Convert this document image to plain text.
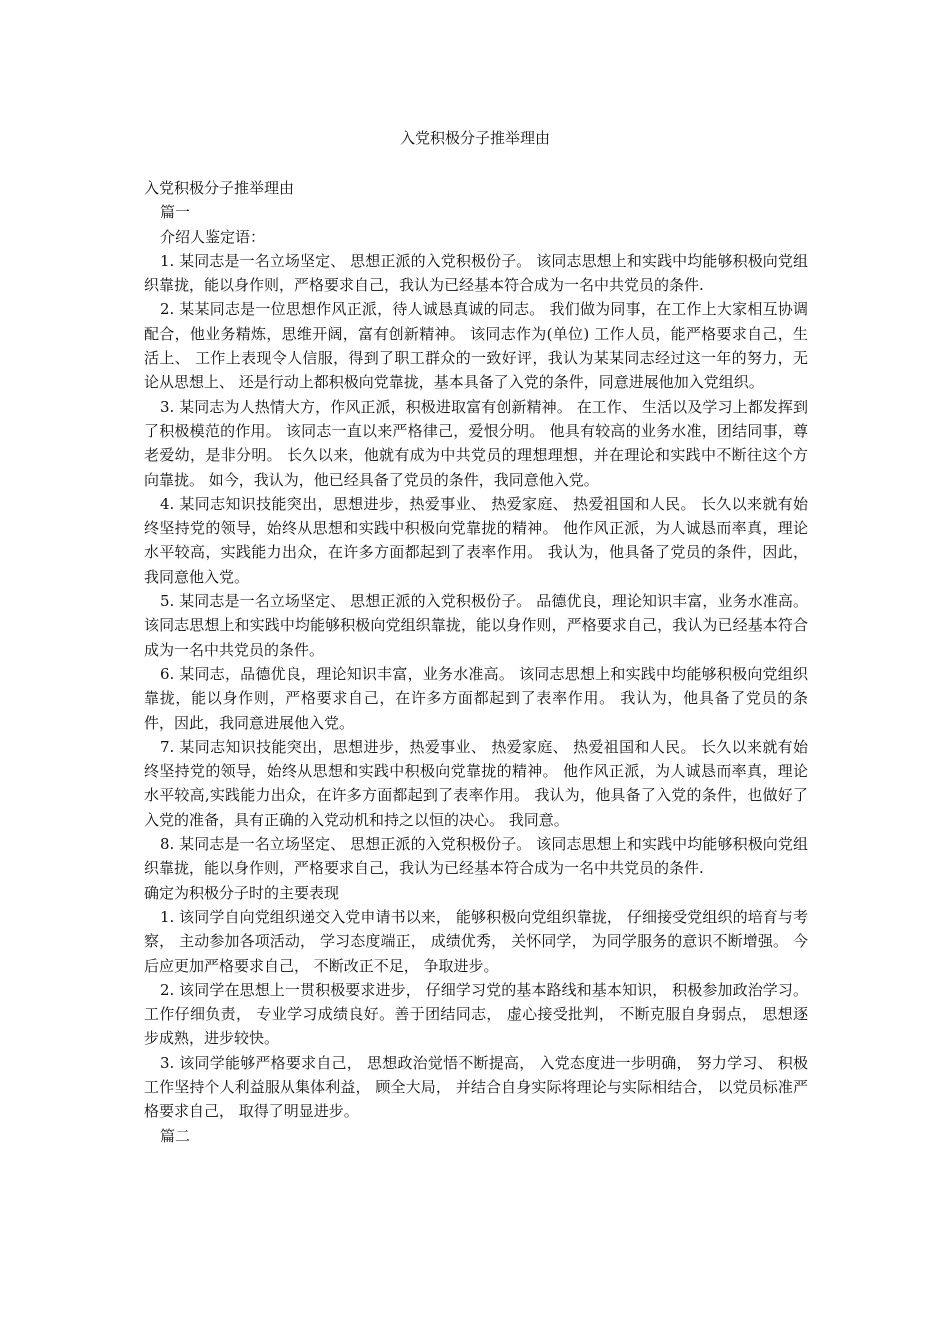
入党积极分子推举理由

入党积极分子推举理由

篇一

介绍人鉴定语：

1. 某同志是一名立场坚定、 思想正派的入党积极份子。 该同志思想上和实践中均能够积极向党组织靠拢，能以身作则，严格要求自己，我认为已经基本符合成为一名中共党员的条件.

2. 某某同志是一位思想作风正派，待人诚恳真诚的同志。 我们做为同事，在工作上大家相互协调配合，他业务精炼，思维开阔，富有创新精神。 该同志作为(单位) 工作人员，能严格要求自己，生活上、 工作上表现令人信服，得到了职工群众的一致好评，我认为某某同志经过这一年的努力，无论从思想上、 还是行动上都积极向党靠拢，基本具备了入党的条件，同意进展他加入党组织。

3. 某同志为人热情大方，作风正派，积极进取富有创新精神。 在工作、 生活以及学习上都发挥到了积极模范的作用。 该同志一直以来严格律己，爱恨分明。 他具有较高的业务水准，团结同事，尊老爱幼，是非分明。 长久以来，他就有成为中共党员的理想理想，并在理论和实践中不断往这个方向靠拢。 如今，我认为，他已经具备了党员的条件，我同意他入党。

4. 某同志知识技能突出，思想进步，热爱事业、 热爱家庭、 热爱祖国和人民。 长久以来就有始终坚持党的领导，始终从思想和实践中积极向党靠拢的精神。 他作风正派，为人诚恳而率真，理论水平较高，实践能力出众，在许多方面都起到了表率作用。 我认为，他具备了党员的条件，因此，我同意他入党。

5. 某同志是一名立场坚定、 思想正派的入党积极份子。 品德优良，理论知识丰富，业务水准高。 该同志思想上和实践中均能够积极向党组织靠拢，能以身作则，严格要求自己，我认为已经基本符合成为一名中共党员的条件。

6. 某同志，品德优良，理论知识丰富，业务水准高。 该同志思想上和实践中均能够积极向党组织靠拢，能以身作则，严格要求自己，在许多方面都起到了表率作用。 我认为，他具备了党员的条件，因此，我同意进展他入党。

7. 某同志知识技能突出，思想进步，热爱事业、 热爱家庭、 热爱祖国和人民。 长久以来就有始终坚持党的领导，始终从思想和实践中积极向党靠拢的精神。 他作风正派，为人诚恳而率真，理论水平较高,实践能力出众，在许多方面都起到了表率作用。 我认为，他具备了入党的条件，也做好了入党的准备，具有正确的入党动机和持之以恒的决心。 我同意。

8. 某同志是一名立场坚定、 思想正派的入党积极份子。 该同志思想上和实践中均能够积极向党组织靠拢，能以身作则，严格要求自己，我认为已经基本符合成为一名中共党员的条件.

确定为积极分子时的主要表现

1. 该同学自向党组织递交入党申请书以来， 能够积极向党组织靠拢， 仔细接受党组织的培育与考察， 主动参加各项活动， 学习态度端正， 成绩优秀， 关怀同学， 为同学服务的意识不断增强。 今后应更加严格要求自己， 不断改正不足， 争取进步。

2. 该同学在思想上一贯积极要求进步， 仔细学习党的基本路线和基本知识， 积极参加政治学习。 工作仔细负责， 专业学习成绩良好。善于团结同志， 虚心接受批判， 不断克服自身弱点， 思想逐步成熟，进步较快。

3. 该同学能够严格要求自己， 思想政治觉悟不断提高， 入党态度进一步明确， 努力学习、 积极工作坚持个人利益服从集体利益， 顾全大局， 并结合自身实际将理论与实际相结合， 以党员标准严格要求自己， 取得了明显进步。

篇二
